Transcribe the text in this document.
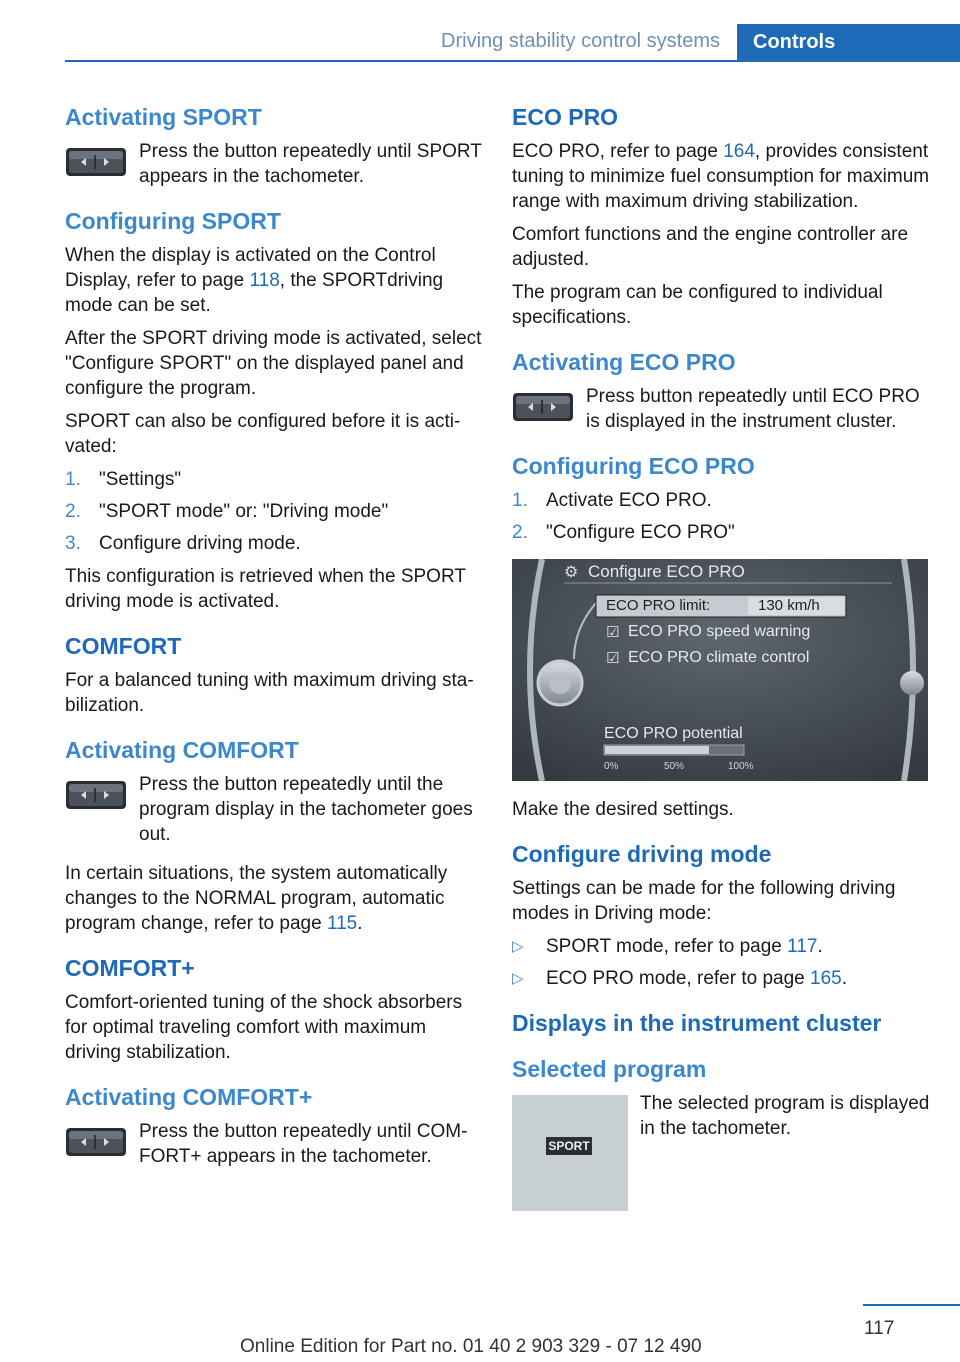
Driving stability control systems	Controls
Activating SPORT

Press the button repeatedly until SPORT appears in the tachometer.

Configuring SPORT

When the display is activated on the Control Display, refer to page 118, the SPORTdriving mode can be set.

After the SPORT driving mode is activated, select "Configure SPORT" on the displayed panel and configure the program.

SPORT can also be configured before it is activated:

1. "Settings"
2. "SPORT mode" or: "Driving mode"
3. Configure driving mode.

This configuration is retrieved when the SPORT driving mode is activated.

COMFORT

For a balanced tuning with maximum driving stabilization.

Activating COMFORT

Press the button repeatedly until the program display in the tachometer goes out.

In certain situations, the system automatically changes to the NORMAL program, automatic program change, refer to page 115.

COMFORT+

Comfort-oriented tuning of the shock absorbers for optimal traveling comfort with maximum driving stabilization.

Activating COMFORT+

Press the button repeatedly until COMFORT+ appears in the tachometer.

ECO PRO

ECO PRO, refer to page 164, provides consistent tuning to minimize fuel consumption for maximum range with maximum driving stabilization.

Comfort functions and the engine controller are adjusted.

The program can be configured to individual specifications.

Activating ECO PRO

Press button repeatedly until ECO PRO is displayed in the instrument cluster.

Configuring ECO PRO
1. Activate ECO PRO.
2. "Configure ECO PRO"
⚙ Configure ECO PRO
ECO PRO limit:	130 km/h
☑ ECO PRO speed warning
☑ ECO PRO climate control
ECO PRO potential
0%	50%	100%

Make the desired settings.

Configure driving mode

Settings can be made for the following driving modes in Driving mode:

▷	SPORT mode, refer to page 117.
▷	ECO PRO mode, refer to page 165.
Displays in the instrument cluster
Selected program
SPORT

The selected program is displayed in the tachometer.

117
Online Edition for Part no. 01 40 2 903 329 - 07 12 490
